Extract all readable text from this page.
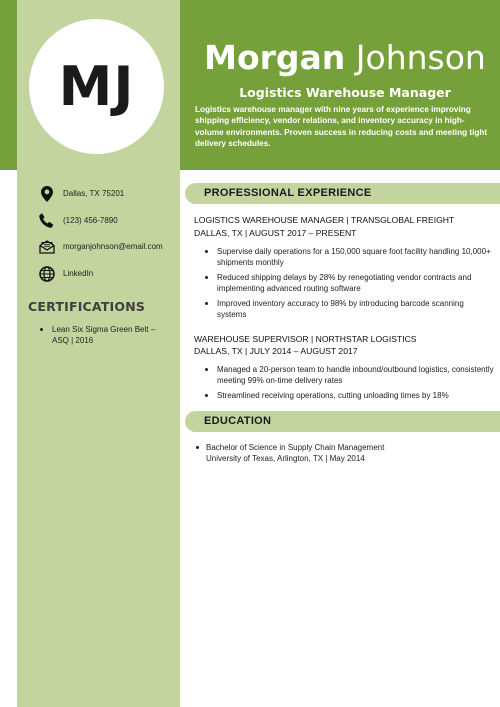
MJ Morgan Johnson
Logistics Warehouse Manager
Logistics warehouse manager with nine years of experience improving shipping efficiency, vendor relations, and inventory accuracy in high-volume environments. Proven success in reducing costs and meeting tight delivery schedules.
Dallas, TX 75201
(123) 456-7890
morganjohnson@email.com
LinkedIn
CERTIFICATIONS
Lean Six Sigma Green Belt – ASQ | 2016
PROFESSIONAL EXPERIENCE
LOGISTICS WAREHOUSE MANAGER | TRANSGLOBAL FREIGHT
DALLAS, TX | AUGUST 2017 – PRESENT
Supervise daily operations for a 150,000 square foot facility handling 10,000+ shipments monthly
Reduced shipping delays by 28% by renegotiating vendor contracts and implementing advanced routing software
Improved inventory accuracy to 98% by introducing barcode scanning systems
WAREHOUSE SUPERVISOR | NORTHSTAR LOGISTICS
DALLAS, TX | JULY 2014 – AUGUST 2017
Managed a 20-person team to handle inbound/outbound logistics, consistently meeting 99% on-time delivery rates
Streamlined receiving operations, cutting unloading times by 18%
EDUCATION
Bachelor of Science in Supply Chain Management
University of Texas, Arlington, TX | May 2014
